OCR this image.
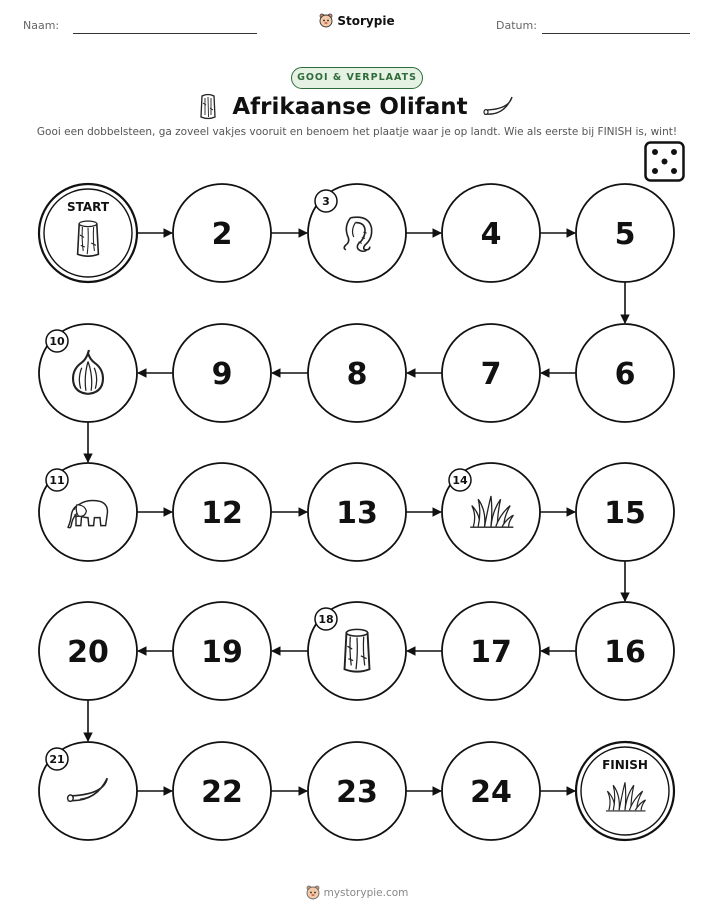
Naam:	Datum:
Storypie
GOOI & VERPLAATS
Afrikaanse Olifant
Gooi een dobbelsteen, ga zoveel vakjes vooruit en benoem het plaatje waar je op landt. Wie als eerste bij FINISH is, wint!
START
2
3
4	5
6
7
8
9
10
11
12	13
14
15
16
17
18
19
20
21
22	23	24
FINISH
mystorypie.com
